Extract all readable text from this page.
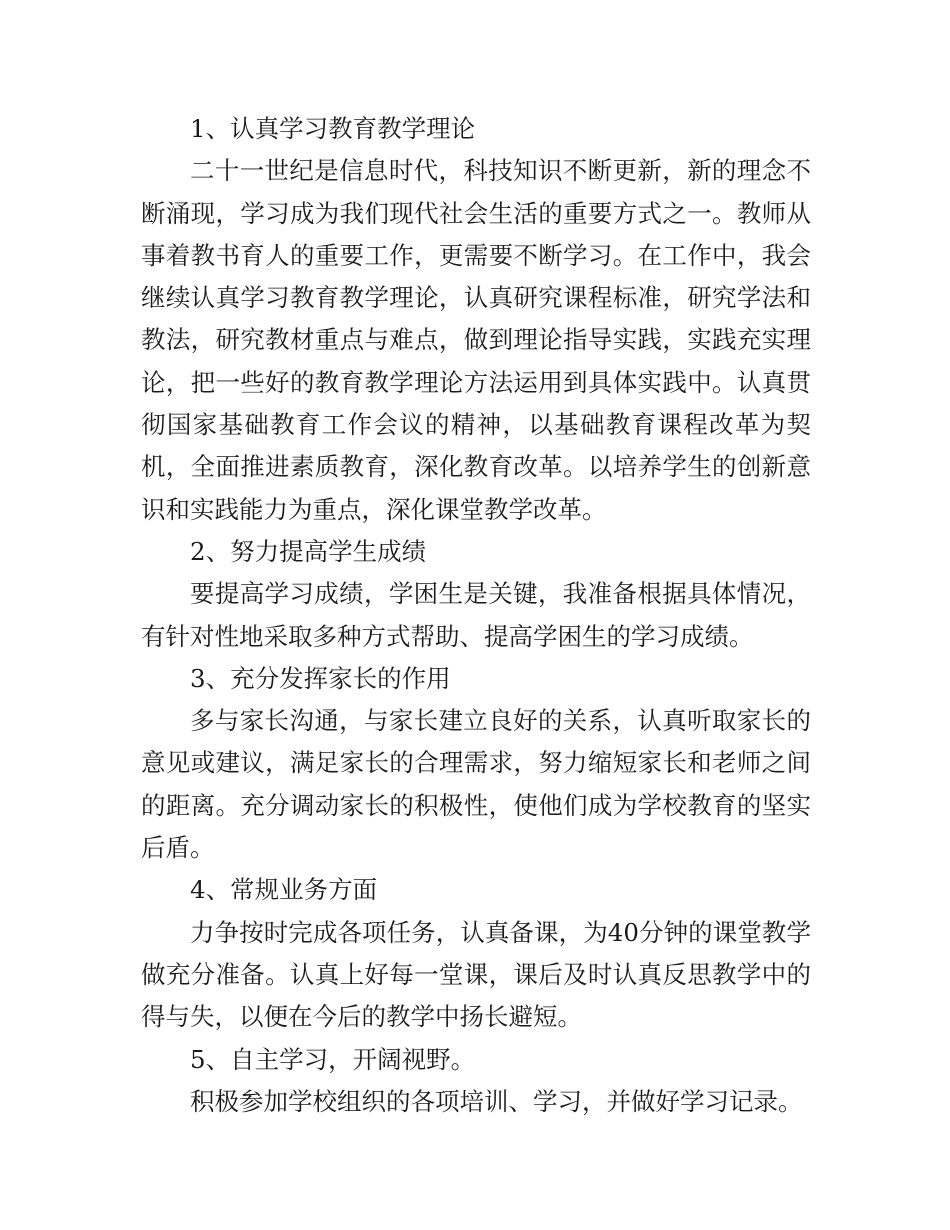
1、认真学习教育教学理论

二十一世纪是信息时代，科技知识不断更新，新的理念不断涌现，学习成为我们现代社会生活的重要方式之一。教师从事着教书育人的重要工作，更需要不断学习。在工作中，我会继续认真学习教育教学理论，认真研究课程标准，研究学法和教法，研究教材重点与难点，做到理论指导实践，实践充实理论，把一些好的教育教学理论方法运用到具体实践中。认真贯彻国家基础教育工作会议的精神，以基础教育课程改革为契机，全面推进素质教育，深化教育改革。以培养学生的创新意识和实践能力为重点，深化课堂教学改革。

2、努力提高学生成绩

要提高学习成绩，学困生是关键，我准备根据具体情况，有针对性地采取多种方式帮助、提高学困生的学习成绩。

3、充分发挥家长的作用

多与家长沟通，与家长建立良好的关系，认真听取家长的意见或建议，满足家长的合理需求，努力缩短家长和老师之间的距离。充分调动家长的积极性，使他们成为学校教育的坚实后盾。

4、常规业务方面

力争按时完成各项任务，认真备课，为40分钟的课堂教学做充分准备。认真上好每一堂课，课后及时认真反思教学中的得与失，以便在今后的教学中扬长避短。

5、自主学习，开阔视野。

积极参加学校组织的各项培训、学习，并做好学习记录。
